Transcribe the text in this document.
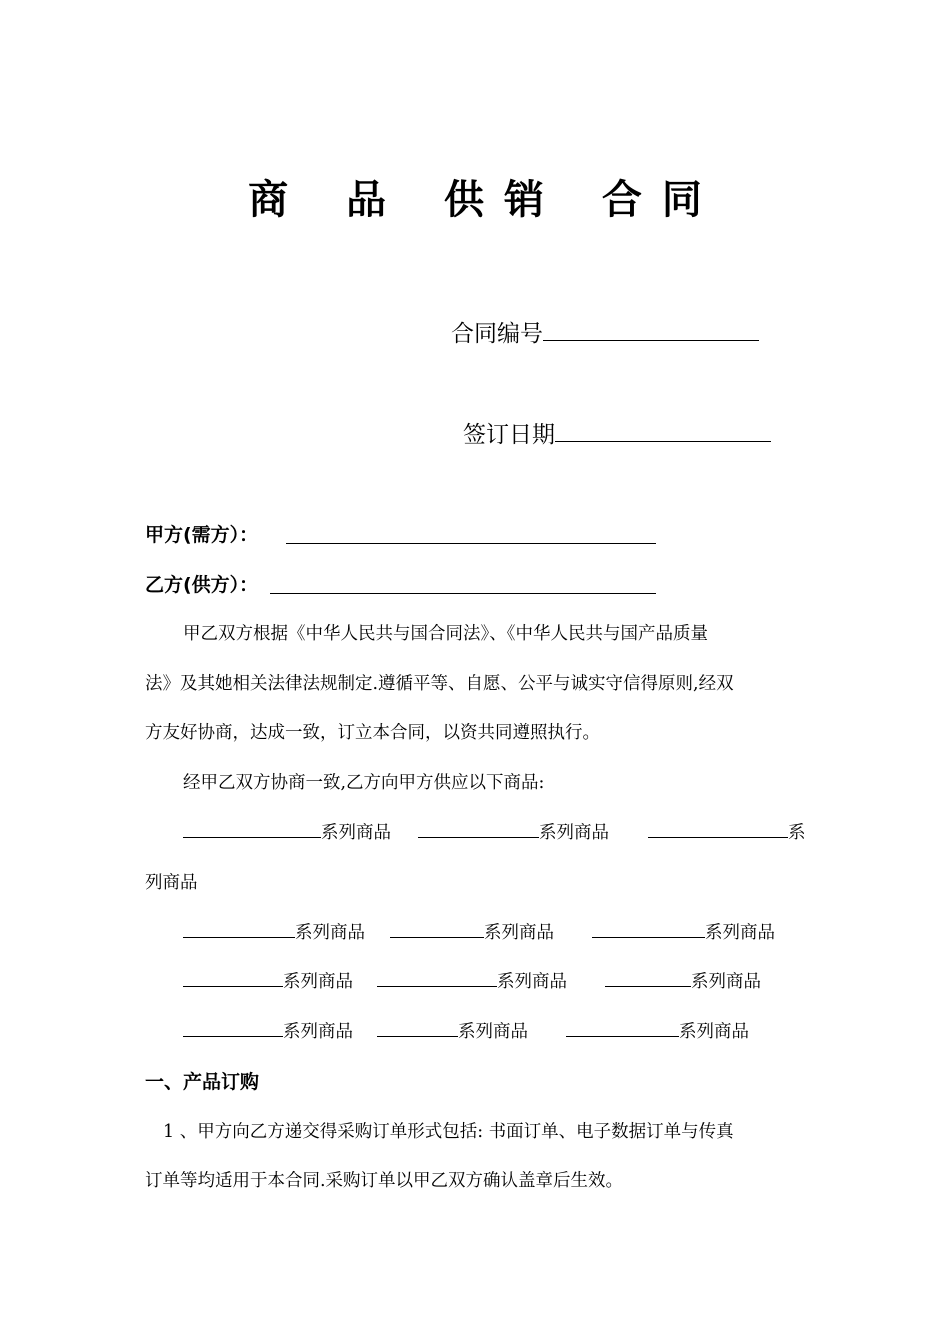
商 品 供 销 合 同
合同编号
签订日期
甲方(需方）：
乙方(供方）：
甲乙双方根据《中华人民共与国合同法》、《中华人民共与国产品质量
法》及其她相关法律法规制定.遵循平等、自愿、公平与诚实守信得原则,经双
方友好协商，达成一致，订立本合同，以资共同遵照执行。
经甲乙双方协商一致,乙方向甲方供应以下商品:
系列商品	系列商品	系
列商品
系列商品	系列商品	系列商品
系列商品	系列商品	系列商品
系列商品	系列商品	系列商品
一、产品订购
1 、甲方向乙方递交得采购订单形式包括: 书面订单、电子数据订单与传真
订单等均适用于本合同.采购订单以甲乙双方确认盖章后生效。
